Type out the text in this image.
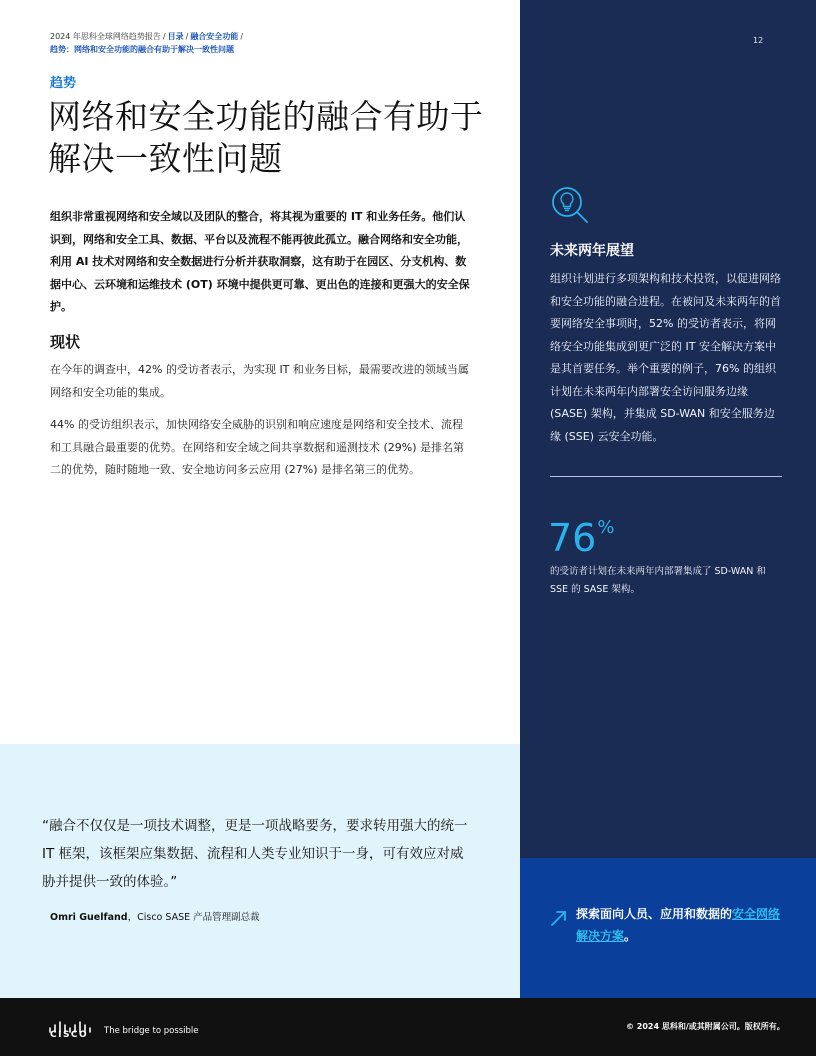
2024 年思科全球网络趋势报告 / 目录 / 融合安全功能 /
趋势：网络和安全功能的融合有助于解决一致性问题
12
趋势
网络和安全功能的融合有助于解决一致性问题

组织非常重视网络和安全域以及团队的整合，将其视为重要的 IT 和业务任务。他们认识到，网络和安全工具、数据、平台以及流程不能再彼此孤立。融合网络和安全功能，利用 AI 技术对网络和安全数据进行分析并获取洞察，这有助于在园区、分支机构、数据中心、云环境和运维技术 (OT) 环境中提供更可靠、更出色的连接和更强大的安全保护。

现状

在今年的调查中，42% 的受访者表示，为实现 IT 和业务目标，最需要改进的领域当属网络和安全功能的集成。

44% 的受访组织表示，加快网络安全威胁的识别和响应速度是网络和安全技术、流程和工具融合最重要的优势。在网络和安全域之间共享数据和遥测技术 (29%) 是排名第二的优势，随时随地一致、安全地访问多云应用 (27%) 是排名第三的优势。

“融合不仅仅是一项技术调整，更是一项战略要务，要求转用强大的统一 IT 框架，该框架应集数据、流程和人类专业知识于一身，可有效应对威胁并提供一致的体验。”

Omri Guelfand，Cisco SASE 产品管理副总裁

未来两年展望

组织计划进行多项架构和技术投资，以促进网络和安全功能的融合进程。在被问及未来两年的首要网络安全事项时，52% 的受访者表示，将网络安全功能集成到更广泛的 IT 安全解决方案中是其首要任务。举个重要的例子，76% 的组织计划在未来两年内部署安全访问服务边缘 (SASE) 架构，并集成 SD-WAN 和安全服务边缘 (SSE) 云安全功能。

76%

的受访者计划在未来两年内部署集成了 SD-WAN 和 SSE 的 SASE 架构。

探索面向人员、应用和数据的安全网络解决方案。

CISCO The bridge to possible	© 2024 思科和/或其附属公司。版权所有。
